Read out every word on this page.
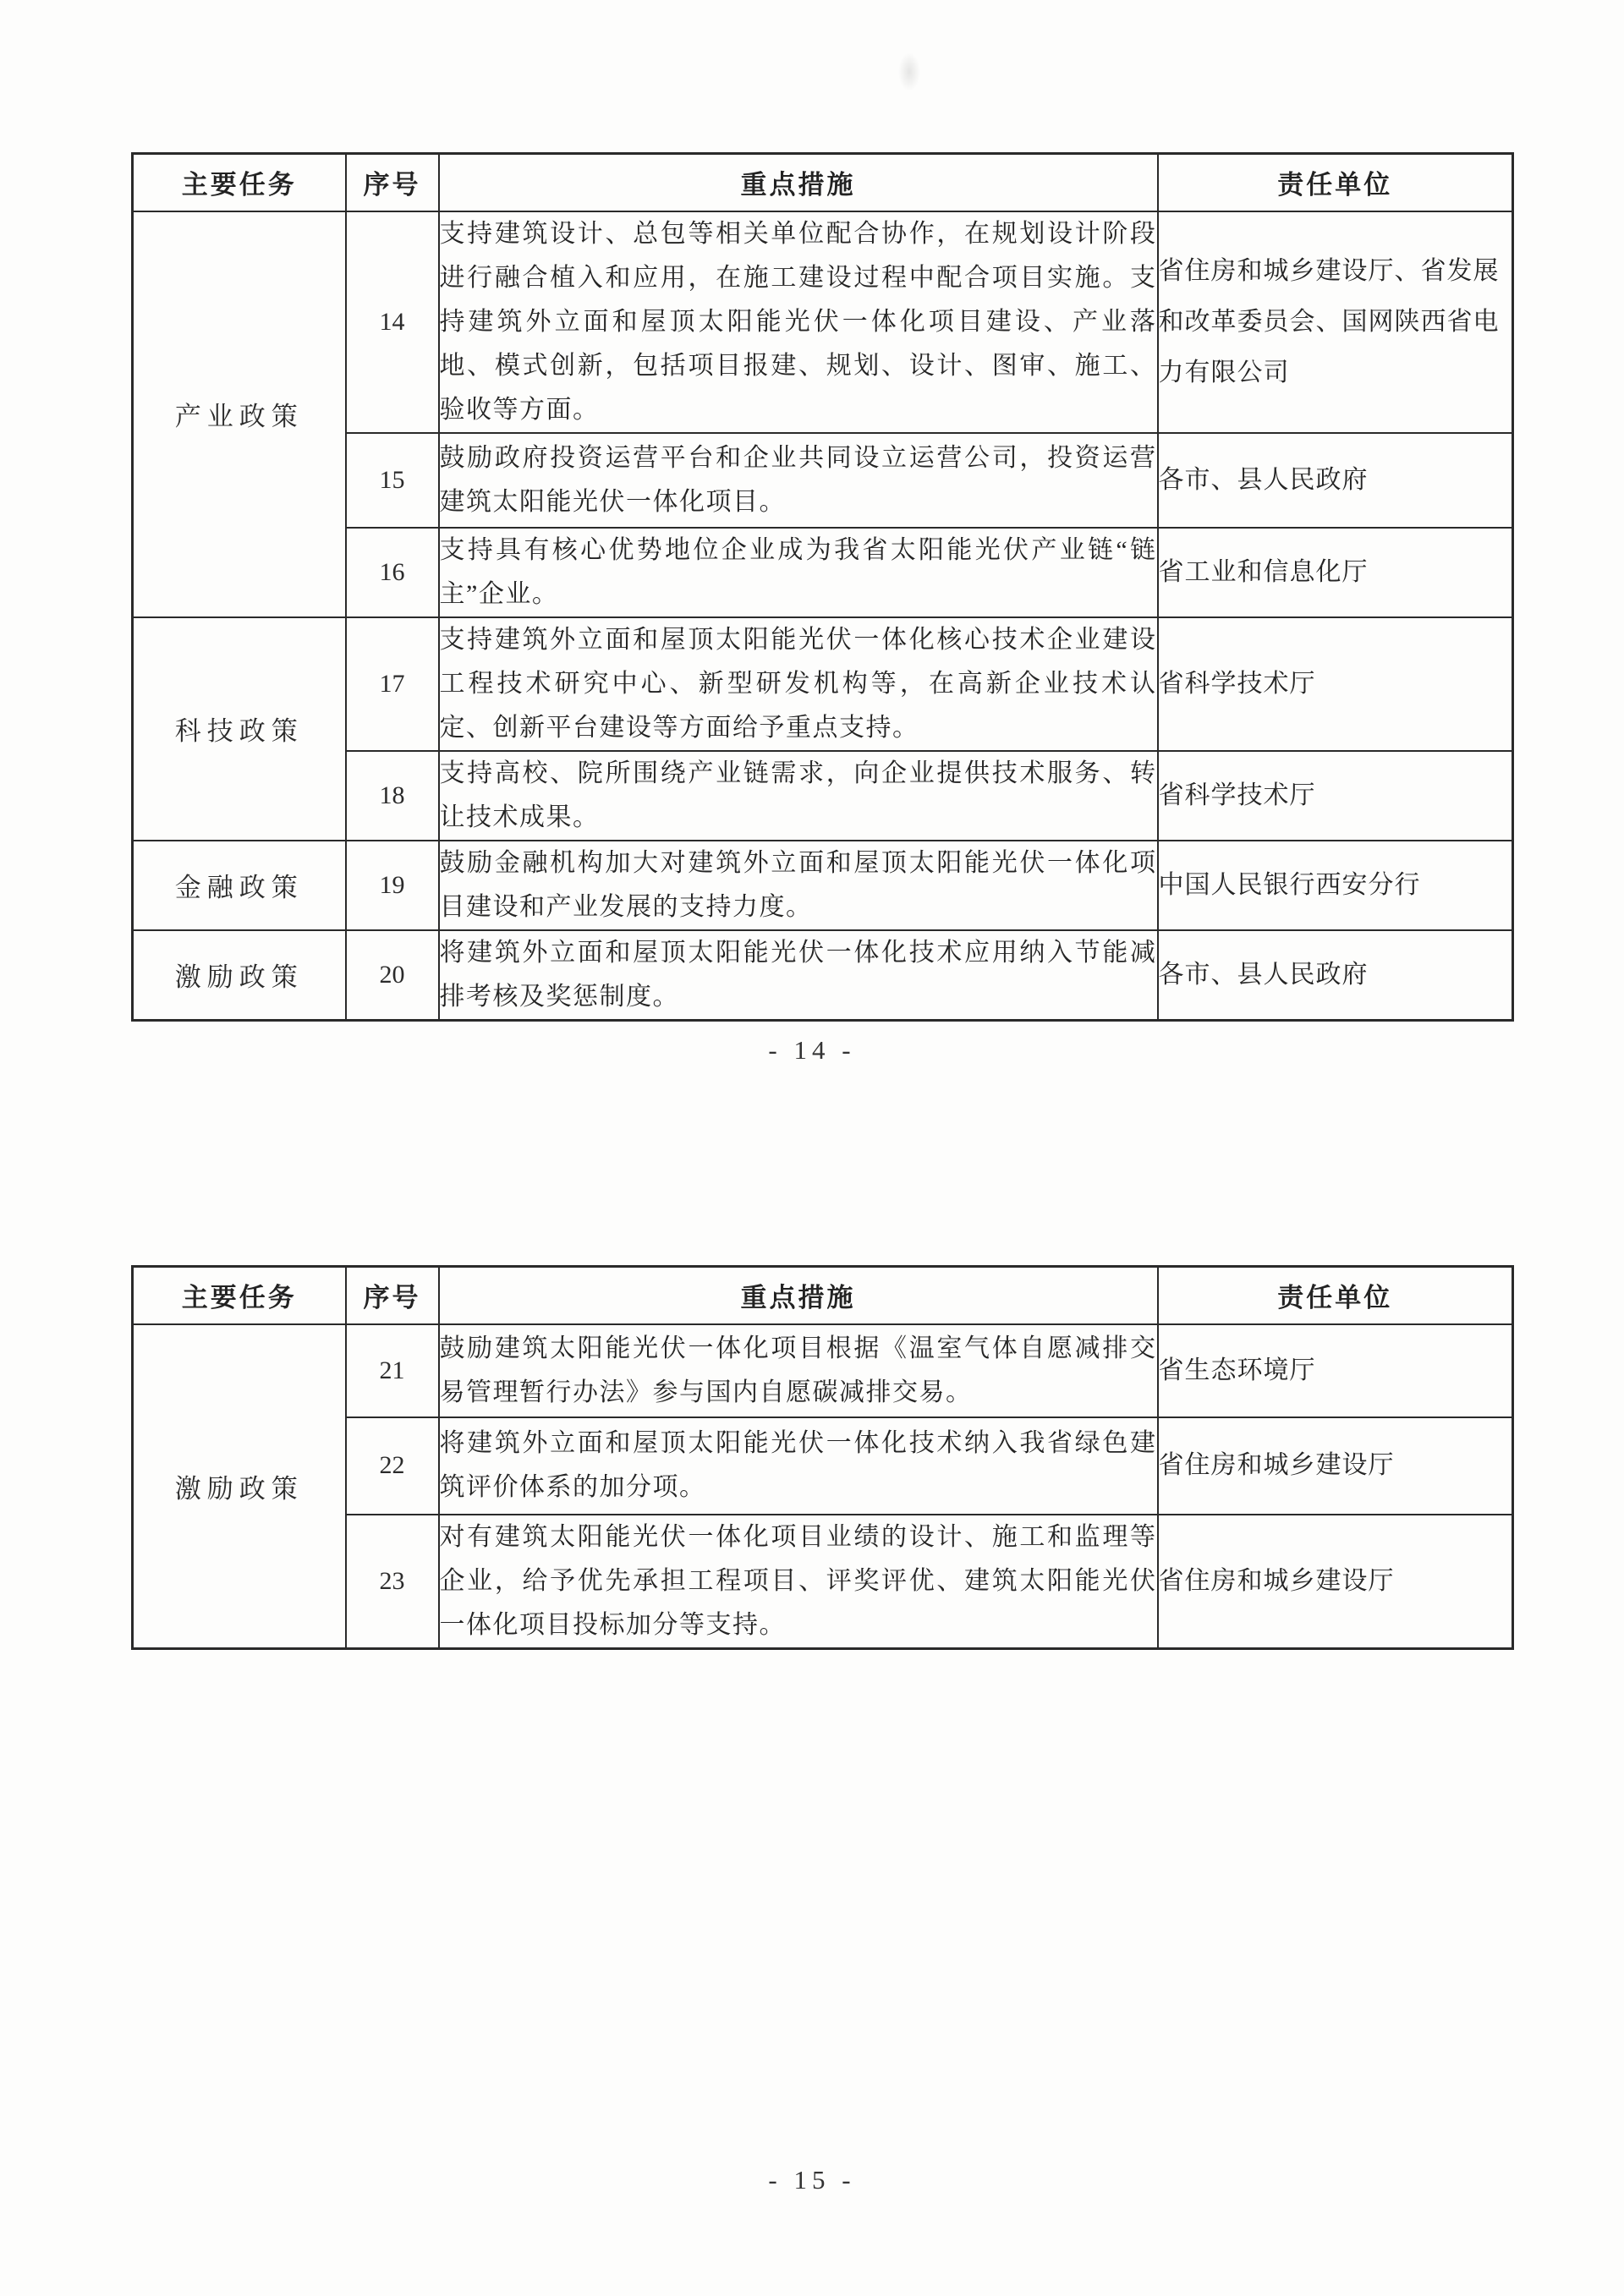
主要任务	序号	重点措施	责任单位
产业政策	14	支持建筑设计、总包等相关单位配合协作，在规划设计阶段进行融合植入和应用，在施工建设过程中配合项目实施。支持建筑外立面和屋顶太阳能光伏一体化项目建设、产业落地、模式创新，包括项目报建、规划、设计、图审、施工、验收等方面。	省住房和城乡建设厅、省发展和改革委员会、国网陕西省电力有限公司
	15	鼓励政府投资运营平台和企业共同设立运营公司，投资运营建筑太阳能光伏一体化项目。	各市、县人民政府
	16	支持具有核心优势地位企业成为我省太阳能光伏产业链“链主”企业。	省工业和信息化厅
科技政策	17	支持建筑外立面和屋顶太阳能光伏一体化核心技术企业建设工程技术研究中心、新型研发机构等，在高新企业技术认定、创新平台建设等方面给予重点支持。	省科学技术厅
	18	支持高校、院所围绕产业链需求，向企业提供技术服务、转让技术成果。	省科学技术厅
金融政策	19	鼓励金融机构加大对建筑外立面和屋顶太阳能光伏一体化项目建设和产业发展的支持力度。	中国人民银行西安分行
激励政策	20	将建筑外立面和屋顶太阳能光伏一体化技术应用纳入节能减排考核及奖惩制度。	各市、县人民政府
- 14 -
主要任务	序号	重点措施	责任单位
激励政策	21	鼓励建筑太阳能光伏一体化项目根据《温室气体自愿减排交易管理暂行办法》参与国内自愿碳减排交易。	省生态环境厅
	22	将建筑外立面和屋顶太阳能光伏一体化技术纳入我省绿色建筑评价体系的加分项。	省住房和城乡建设厅
	23	对有建筑太阳能光伏一体化项目业绩的设计、施工和监理等企业，给予优先承担工程项目、评奖评优、建筑太阳能光伏一体化项目投标加分等支持。	省住房和城乡建设厅
- 15 -
